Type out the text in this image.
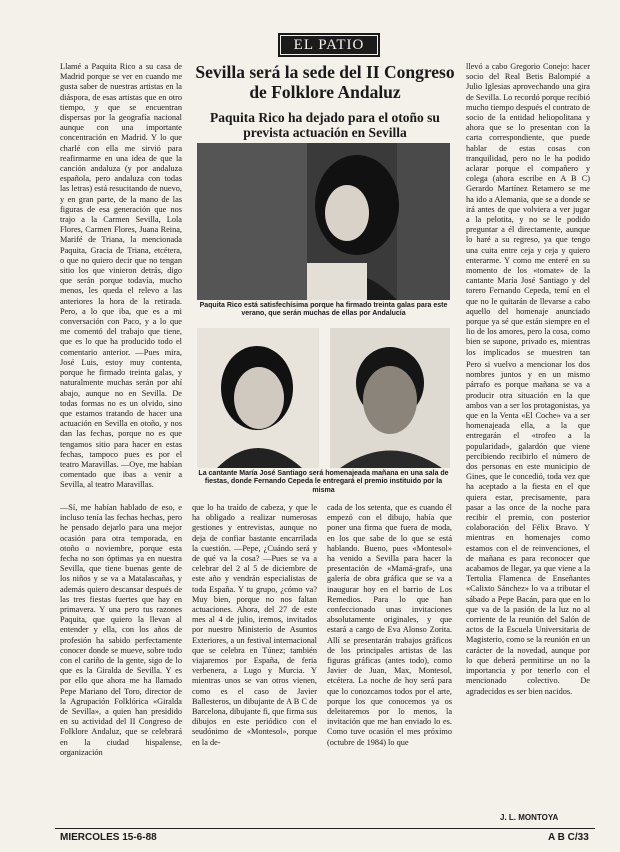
EL PATIO
Sevilla será la sede del II Congreso de Folklore Andaluz
Paquita Rico ha dejado para el otoño su prevista actuación en Sevilla

Llamé a Paquita Rico a su casa de Madrid porque se ver en cuando me gusta saber de nuestras artistas en la diáspora, de esas artistas que en otro tiempo, y que se encuentran dispersas por la geografía nacional aunque con una importante concentración en Madrid. Y lo que charlé con ella me sirvió para reafirmarme en una idea de que la canción andaluza (y por andaluza española, pero andaluza con todas las letras) está resucitando de nuevo, y en gran parte, de la mano de las figuras de esa generación que nos trajo a la Carmen Sevilla, Lola Flores, Carmen Flores, Juana Reina, Marifé de Triana, la mencionada Paquita, Gracia de Triana, etcétera, o que no quiero decir que no tengan sitio los que vinieron detrás, digo que serán porque todavía, mucho menos, les queda el relevo a las anteriores la hora de la retirada. Pero, a lo que iba, que es a mi conversación con Paco, y a lo que me comentó del trabajo que tiene, que es lo que ha producido todo el comentario anterior. —Pues mira, José Luis, estoy muy contenta, porque he firmado treinta galas, y naturalmente muchas serán por ahí abajo, aunque no en Sevilla. De todas formas no es un olvido, sino que estamos tratando de hacer una actuación en Sevilla en otoño, y nos dan las fechas, porque no es que tengamos sitio para hacer en estas fechas, tampoco pues es por el teatro Maravillas. —Oye, me habían comentado que ibas a venir a Sevilla, al teatro Maravillas.

—Sí, me habían hablado de eso, e incluso tenía las fechas hechas, pero he pensado dejarlo para una mejor ocasión para otra temporada, en otoño o noviembre, porque esta fecha no son óptimas ya en nuestra Sevilla, que tiene buenas gente de los niños y se va a Matalascañas, y además quiero descansar después de las tres fiestas fuertes que hay en primavera. Y una pero tus razones Paquita, que quiero la llevan al entender y ella, con los años de profesión ha sabido perfectamente conocer donde se mueve, sobre todo con el cariño de la gente, sigo de lo que es la Giralda de Sevilla. Y es por ello que ahora me ha llamado Pepe Mariano del Toro, director de la Agrupación Folklórica «Giralda de Sevilla», a quien han presidido en su actividad del II Congreso de Folklore Andaluz, que se celebrará en la ciudad hispalense, organización

Paquita Rico está satisfechísima porque ha firmado treinta galas para este verano, que serán muchas de ellas por Andalucía
La cantante María José Santiago será homenajeada mañana en una sala de fiestas, donde Fernando Cepeda le entregará el premio instituido por la misma

que lo ha traído de cabeza, y que le ha obligado a realizar numerosas gestiones y entrevistas, aunque no deja de confiar bastante encarrilada la cuestión. —Pepe, ¿Cuándo será y de qué va la cosa? —Pues se va a celebrar del 2 al 5 de diciembre de este año y vendrán especialistas de toda España. Y tu grupo, ¿cómo va? Muy bien, porque no nos faltan actuaciones. Ahora, del 27 de este mes al 4 de julio, iremos, invitados por nuestro Ministerio de Asuntos Exteriores, a un festival internacional que se celebra en Túnez; también viajaremos por España, de feria verbenera, a Lugo y Murcia. Y mientras unos se van otros vienen, como es el caso de Javier Ballesteros, un dibujante de A B C de Barcelona, dibujante fi, que firma sus dibujos en este periódico con el seudónimo de «Montesol», porque en la de-

cada de los setenta, que es cuando él empezó con el dibujo, había que poner una firma que fuera de moda, en los que sabe de lo que se está hablando. Bueno, pues «Montesol» ha venido a Sevilla para hacer la presentación de «Mamá-graf», una galería de obra gráfica que se va a inaugurar hoy en el barrio de Los Remedios. Para lo que han confeccionado unas invitaciones absolutamente originales, y que estará a cargo de Eva Alonso Zorita. Allí se presentarán trabajos gráficos de los principales artistas de las figuras gráficas (antes todo), como Javier de Juan, Max, Montesol, etcétera. La noche de hoy será para que lo conozcamos todos por el arte, porque los que conocemos ya os deleitaremos por lo menos, la invitación que me han enviado lo es. Como tuve ocasión el mes próximo (octubre de 1984) lo que

llevó a cabo Gregorio Conejo: hacer socio del Real Betis Balompié a Julio Iglesias aprovechando una gira de Sevilla. Lo recordó porque recibió mucho tiempo después el contrato de socio de la entidad heliopolitana y ahora que se lo presentan con la carta correspondiente, que puede hablar de estas cosas con tranquilidad, pero no le ha podido aclarar porque el compañero y colega (ahora escribe en A B C) Gerardo Martínez Retamero se me ha ido a Alemania, que se a donde se irá antes de que volviera a ver jugar a la pelotita, y no se le podido preguntar a él directamente, aunque lo haré a su regreso, ya que tengo una cuita entre ceja y ceja y quiero enterarme. Y como me enteré en su momento de los «tomate» de la cantante María José Santiago y del torero Fernando Cepeda, temí en el que no le quitarán de llevarse a cabo aquello del homenaje anunciado porque ya sé que están siempre en el lio de los amores, pero la cosa, como bien se supone, privado es, mientras los implicados se muestren tan

Pero si vuelvo a mencionar los dos nombres juntos y en un mismo párrafo es porque mañana se va a producir otra situación en la que ambos van a ser los protagonistas, ya que en la Venta «El Coche» va a ser homenajeada ella, a la que entregarán el «trofeo a la popularidad», galardón que viene percibiendo recibirlo el número de dos personas en este municipio de Gines, que le concedió, toda vez que ha aceptado a la fiesta en el que quiera estar, precisamente, para pasar a las once de la noche para recibir el premio, con posterior colaboración del Félix Bravo. Y mientras en homenajes como estamos con el de reinvenciones, el de mañana es para reconocer que acabamos de llegar, ya que viene a la Tertulia Flamenca de Enseñantes «Calixto Sánchez» lo va a tributar el sábado a Pepe Bacán, para que en lo que va de la pasión de la luz no al corriente de la reunión del Salón de actos de la Escuela Universitaria de Magisterio, como se la reunión en un carácter de la novedad, aunque por lo que deberá permitirse un no la importancia y por tenerlo con el mencionado colectivo. De agradecidos es ser bien nacidos.

J. L. MONTOYA
MIERCOLES 15-6-88	A B C/33
